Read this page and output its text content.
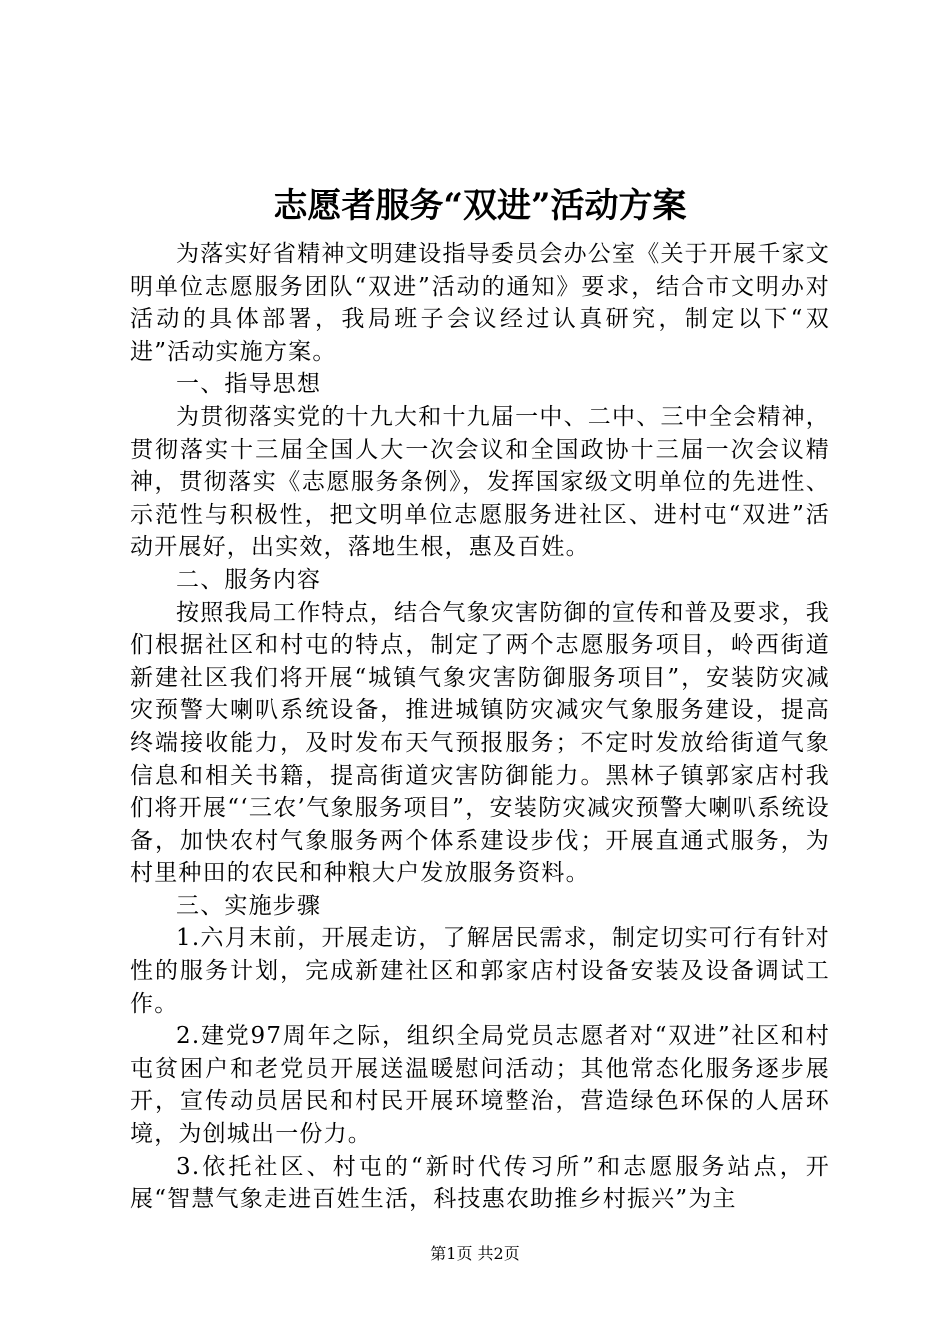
志愿者服务“双进”活动方案

为落实好省精神文明建设指导委员会办公室《关于开展千家文明单位志愿服务团队“双进”活动的通知》要求，结合市文明办对活动的具体部署，我局班子会议经过认真研究，制定以下“双进”活动实施方案。

一、指导思想

为贯彻落实党的十九大和十九届一中、二中、三中全会精神，贯彻落实十三届全国人大一次会议和全国政协十三届一次会议精神，贯彻落实《志愿服务条例》，发挥国家级文明单位的先进性、示范性与积极性，把文明单位志愿服务进社区、进村屯“双进”活动开展好，出实效，落地生根，惠及百姓。

二、服务内容

按照我局工作特点，结合气象灾害防御的宣传和普及要求，我们根据社区和村屯的特点，制定了两个志愿服务项目，岭西街道新建社区我们将开展“城镇气象灾害防御服务项目”，安装防灾减灾预警大喇叭系统设备，推进城镇防灾减灾气象服务建设，提高终端接收能力，及时发布天气预报服务；不定时发放给街道气象信息和相关书籍，提高街道灾害防御能力。黑林子镇郭家店村我们将开展“‘三农’气象服务项目”，安装防灾减灾预警大喇叭系统设备，加快农村气象服务两个体系建设步伐；开展直通式服务，为村里种田的农民和种粮大户发放服务资料。

三、实施步骤

1.六月末前，开展走访，了解居民需求，制定切实可行有针对性的服务计划，完成新建社区和郭家店村设备安装及设备调试工作。

2.建党97周年之际，组织全局党员志愿者对“双进”社区和村屯贫困户和老党员开展送温暖慰问活动；其他常态化服务逐步展开，宣传动员居民和村民开展环境整治，营造绿色环保的人居环境，为创城出一份力。

3.依托社区、村屯的“新时代传习所”和志愿服务站点，开展“智慧气象走进百姓生活，科技惠农助推乡村振兴”为主

第1页 共2页
